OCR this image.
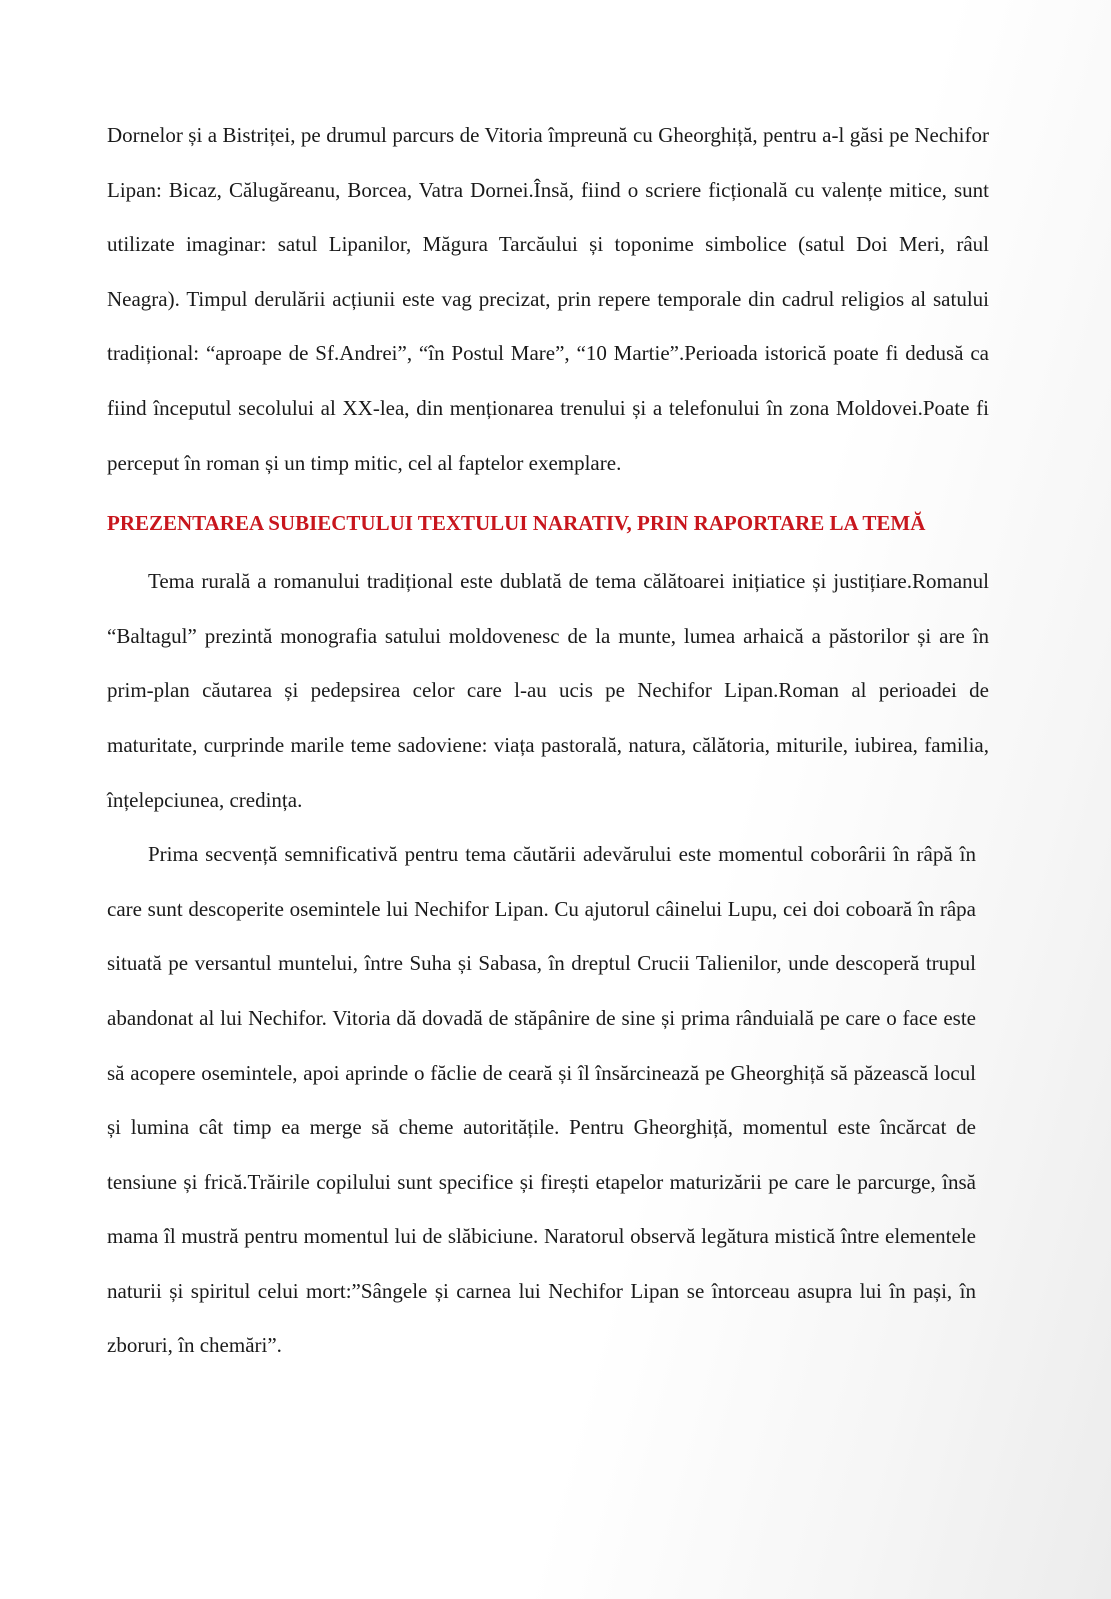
Dornelor și a Bistriței, pe drumul parcurs de Vitoria împreună cu Gheorghiță, pentru a-l găsi pe Nechifor Lipan: Bicaz, Călugăreanu, Borcea, Vatra Dornei.Însă, fiind o scriere ficțională cu valențe mitice, sunt utilizate imaginar: satul Lipanilor, Măgura Tarcăului și toponime simbolice (satul Doi Meri, râul Neagra). Timpul derulării acțiunii este vag precizat, prin repere temporale din cadrul religios al satului tradițional: “aproape de Sf.Andrei”, “în Postul Mare”, “10 Martie”.Perioada istorică poate fi dedusă ca fiind începutul secolului al XX-lea, din menționarea trenului și a telefonului în zona Moldovei.Poate fi perceput în roman și un timp mitic, cel al faptelor exemplare.

PREZENTAREA SUBIECTULUI TEXTULUI NARATIV, PRIN RAPORTARE LA TEMĂ

Tema rurală a romanului tradițional este dublată de tema călătoarei inițiatice și justițiare.Romanul “Baltagul” prezintă monografia satului moldovenesc de la munte, lumea arhaică a păstorilor și are în prim-plan căutarea și pedepsirea celor care l-au ucis pe Nechifor Lipan.Roman al perioadei de maturitate, curprinde marile teme sadoviene: viața pastorală, natura, călătoria, miturile, iubirea, familia, înțelepciunea, credința.

Prima secvență semnificativă pentru tema căutării adevărului este momentul coborârii în râpă în care sunt descoperite osemintele lui Nechifor Lipan. Cu ajutorul câinelui Lupu, cei doi coboară în râpa situată pe versantul muntelui, între Suha și Sabasa, în dreptul Crucii Talienilor, unde descoperă trupul abandonat al lui Nechifor. Vitoria dă dovadă de stăpânire de sine și prima rânduială pe care o face este să acopere osemintele, apoi aprinde o făclie de ceară și îl însărcinează pe Gheorghiță să păzească locul și lumina cât timp ea merge să cheme autoritățile. Pentru Gheorghiță, momentul este încărcat de tensiune și frică.Trăirile copilului sunt specifice și firești etapelor maturizării pe care le parcurge, însă mama îl mustră pentru momentul lui de slăbiciune. Naratorul observă legătura mistică între elementele naturii și spiritul celui mort:”Sângele și carnea lui Nechifor Lipan se întorceau asupra lui în pași, în zboruri, în chemări”.
